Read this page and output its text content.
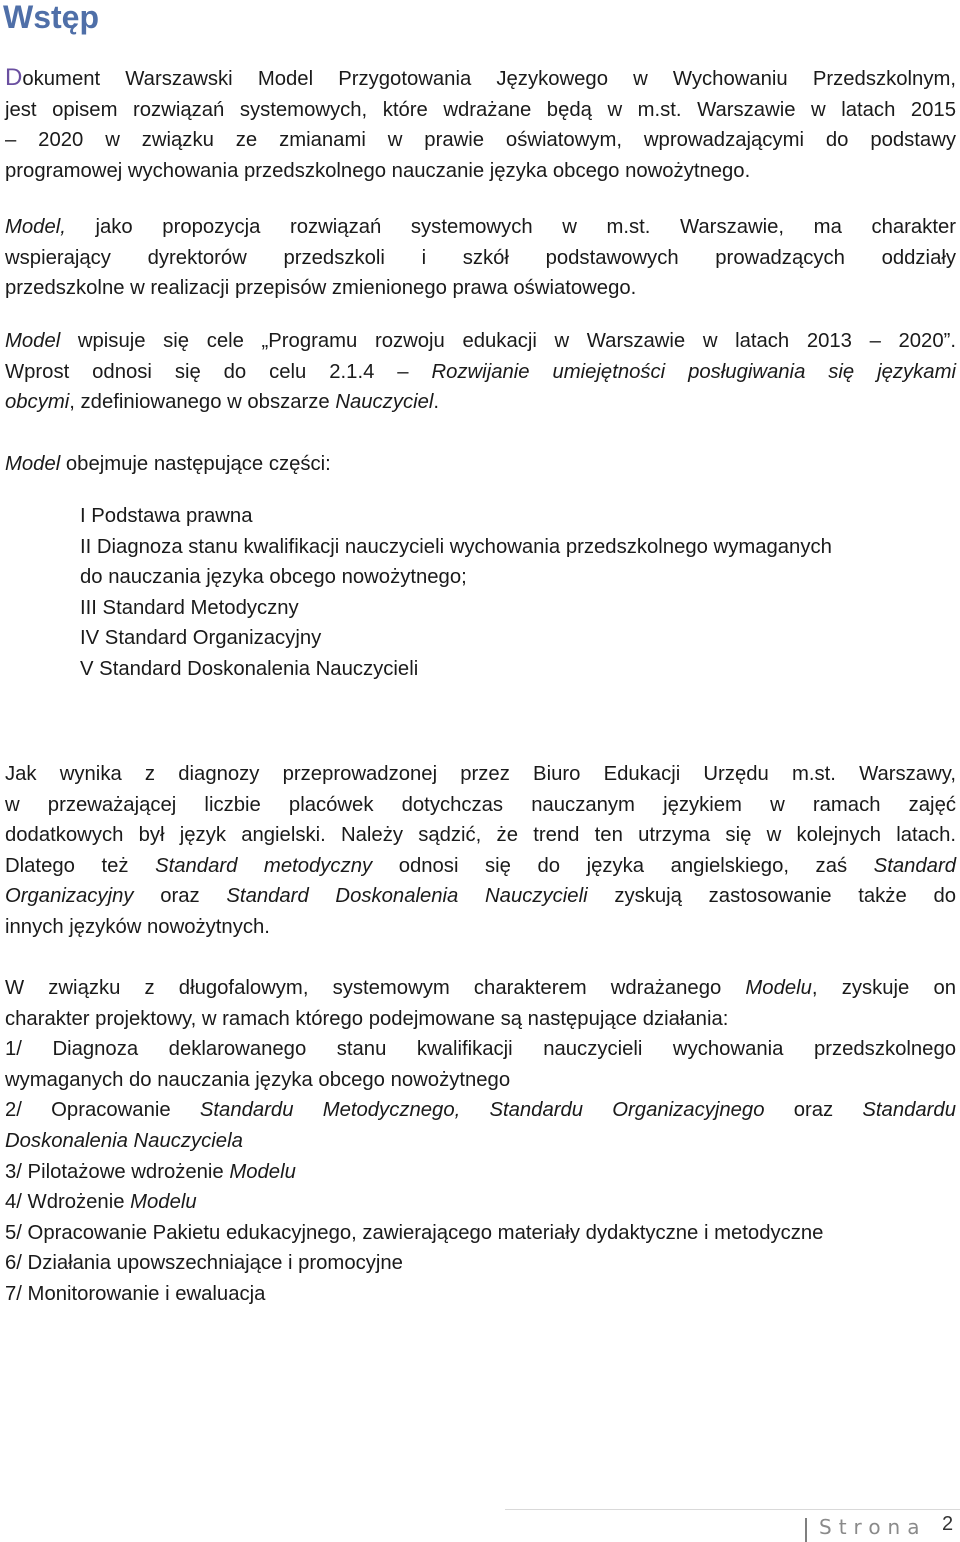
Wstęp
Dokument Warszawski Model Przygotowania Językowego w Wychowaniu Przedszkolnym,
jest opisem rozwiązań systemowych, które wdrażane będą w m.st. Warszawie w latach 2015
– 2020 w związku ze zmianami w prawie oświatowym, wprowadzającymi do podstawy
programowej wychowania przedszkolnego nauczanie języka obcego nowożytnego.
Model, jako propozycja rozwiązań systemowych w m.st. Warszawie, ma charakter
wspierający dyrektorów przedszkoli i szkół podstawowych prowadzących oddziały
przedszkolne w realizacji przepisów zmienionego prawa oświatowego.
Model wpisuje się cele „Programu rozwoju edukacji w Warszawie w latach 2013 – 2020”.
Wprost odnosi się do celu 2.1.4 – Rozwijanie umiejętności posługiwania się językami
obcymi, zdefiniowanego w obszarze Nauczyciel.
Model obejmuje następujące części:
I Podstawa prawna
II Diagnoza stanu kwalifikacji nauczycieli wychowania przedszkolnego wymaganych
do nauczania języka obcego nowożytnego;
III Standard Metodyczny
IV Standard Organizacyjny
V Standard Doskonalenia Nauczycieli
Jak wynika z diagnozy przeprowadzonej przez Biuro Edukacji Urzędu m.st. Warszawy,
w przeważającej liczbie placówek dotychczas nauczanym językiem w ramach zajęć
dodatkowych był język angielski. Należy sądzić, że trend ten utrzyma się w kolejnych latach.
Dlatego też Standard metodyczny odnosi się do języka angielskiego, zaś Standard
Organizacyjny oraz Standard Doskonalenia Nauczycieli zyskują zastosowanie także do
innych języków nowożytnych.
W związku z długofalowym, systemowym charakterem wdrażanego Modelu, zyskuje on
charakter projektowy, w ramach którego podejmowane są następujące działania:
1/ Diagnoza deklarowanego stanu kwalifikacji nauczycieli wychowania przedszkolnego
wymaganych do nauczania języka obcego nowożytnego
2/ Opracowanie Standardu Metodycznego, Standardu Organizacyjnego oraz Standardu
Doskonalenia Nauczyciela
3/ Pilotażowe wdrożenie Modelu
4/ Wdrożenie Modelu
5/ Opracowanie Pakietu edukacyjnego, zawierającego materiały dydaktyczne i metodyczne
6/ Działania upowszechniające i promocyjne
7/ Monitorowanie i ewaluacja
Strona 2
